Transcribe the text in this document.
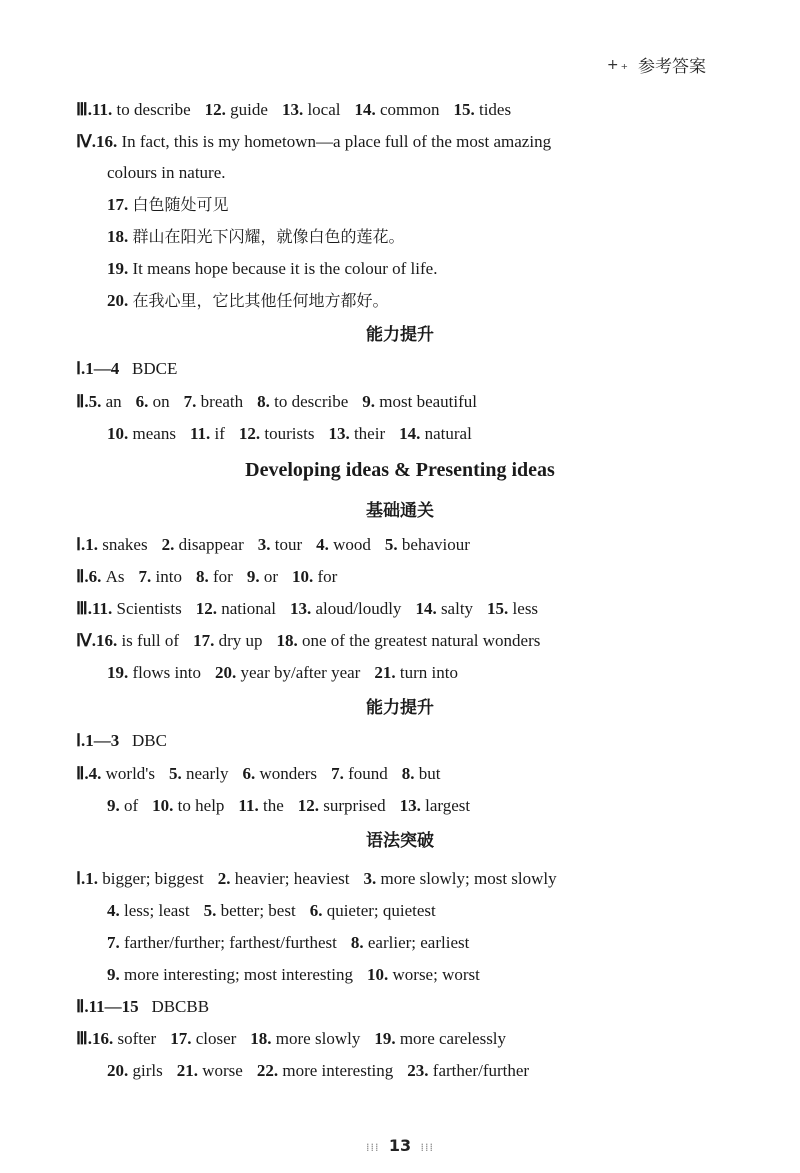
+₊ 参考答案
Ⅲ.11. to describe 12. guide 13. local 14. common 15. tides
Ⅳ.16. In fact, this is my hometown—a place full of the most amazing
colours in nature.
17. 白色随处可见
18. 群山在阳光下闪耀，就像白色的莲花。
19. It means hope because it is the colour of life.
20. 在我心里，它比其他任何地方都好。
能力提升
Ⅰ.1—4 BDCE
Ⅱ.5. an 6. on 7. breath 8. to describe 9. most beautiful
10. means 11. if 12. tourists 13. their 14. natural
Developing ideas & Presenting ideas
基础通关
Ⅰ.1. snakes 2. disappear 3. tour 4. wood 5. behaviour
Ⅱ.6. As 7. into 8. for 9. or 10. for
Ⅲ.11. Scientists 12. national 13. aloud/loudly 14. salty 15. less
Ⅳ.16. is full of 17. dry up 18. one of the greatest natural wonders
19. flows into 20. year by/after year 21. turn into
能力提升
Ⅰ.1—3 DBC
Ⅱ.4. world's 5. nearly 6. wonders 7. found 8. but
9. of 10. to help 11. the 12. surprised 13. largest
语法突破
Ⅰ.1. bigger; biggest 2. heavier; heaviest 3. more slowly; most slowly
4. less; least 5. better; best 6. quieter; quietest
7. farther/further; farthest/furthest 8. earlier; earliest
9. more interesting; most interesting 10. worse; worst
Ⅱ.11—15 DBCBB
Ⅲ.16. softer 17. closer 18. more slowly 19. more carelessly
20. girls 21. worse 22. more interesting 23. farther/further
⁞⁞⁞ 13 ⁞⁞⁞
